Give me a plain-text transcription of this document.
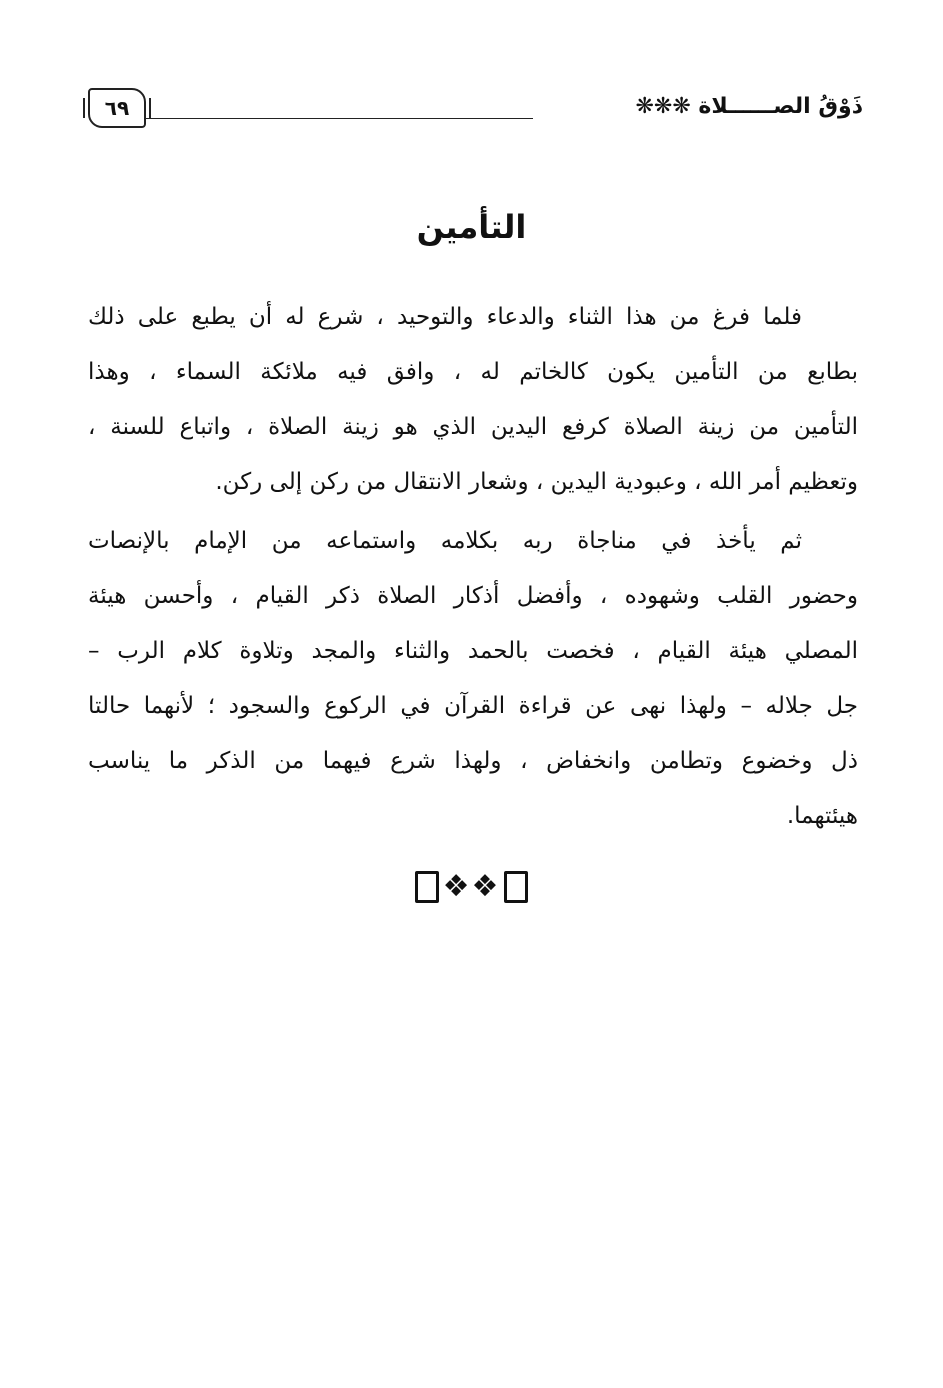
ذَوْقُ الصــــــلاة ❋❋❋
٦٩
التأمين
فلما فرغ من هذا الثناء والدعاء والتوحيد ، شرع له أن يطبع على ذلك
بطابع من التأمين يكون كالخاتم له ، وافق فيه ملائكة السماء ، وهذا
التأمين من زينة الصلاة كرفع اليدين الذي هو زينة الصلاة ، واتباع للسنة ،
وتعظيم أمر الله ، وعبودية اليدين ، وشعار الانتقال من ركن إلى ركن.
ثم يأخذ في مناجاة ربه بكلامه واستماعه من الإمام بالإنصات
وحضور القلب وشهوده ، وأفضل أذكار الصلاة ذكر القيام ، وأحسن هيئة
المصلي هيئة القيام ، فخصت بالحمد والثناء والمجد وتلاوة كلام الرب –
جل جلاله – ولهذا نهى عن قراءة القرآن في الركوع والسجود ؛ لأنهما حالتا
ذل وخضوع وتطامن وانخفاض ، ولهذا شرع فيهما من الذكر ما يناسب
هيئتهما.
❖❖
